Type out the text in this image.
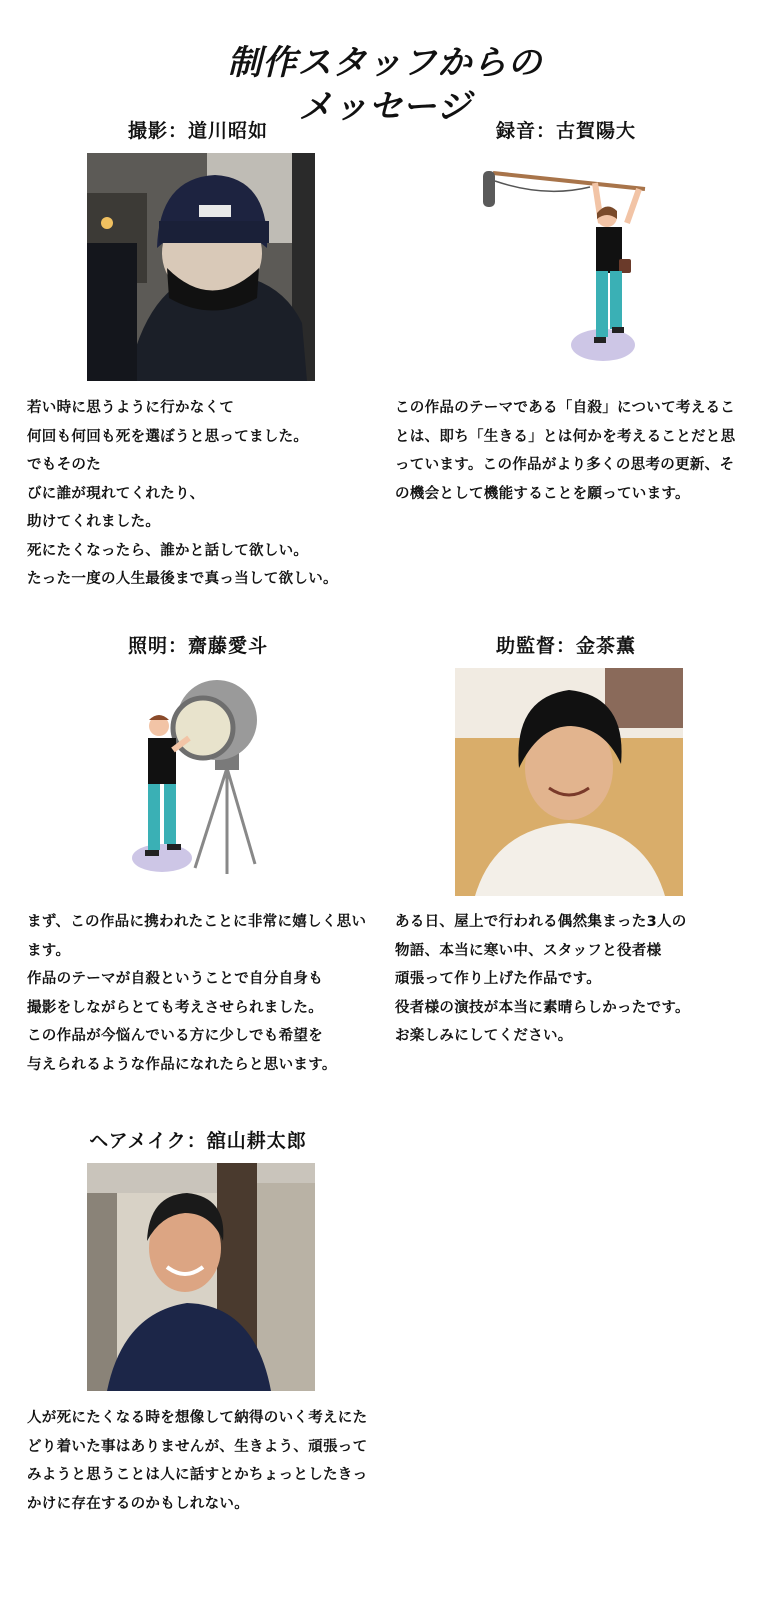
制作スタッフからの
メッセージ
撮影：道川昭如
若い時に思うように行かなくて
何回も何回も死を選ぼうと思ってました。
でもそのた
びに誰が現れてくれたり、
助けてくれました。
死にたくなったら、誰かと話して欲しい。
たった一度の人生最後まで真っ当して欲しい。
録音：古賀陽大
この作品のテーマである「自殺」について考えることは、即ち「生きる」とは何かを考えることだと思っています。この作品がより多くの思考の更新、その機会として機能することを願っています。
照明：齋藤愛斗
まず、この作品に携われたことに非常に嬉しく思います。
作品のテーマが自殺ということで自分自身も
撮影をしながらとても考えさせられました。
この作品が今悩んでいる方に少しでも希望を
与えられるような作品になれたらと思います。
助監督：金茶薫
ある日、屋上で行われる偶然集まった3人の
物語、本当に寒い中、スタッフと役者様
頑張って作り上げた作品です。
役者様の演技が本当に素晴らしかったです。
お楽しみにしてください。
ヘアメイク：舘山耕太郎
人が死にたくなる時を想像して納得のいく考えにたどり着いた事はありませんが、生きよう、頑張ってみようと思うことは人に話すとかちょっとしたきっかけに存在するのかもしれない。
